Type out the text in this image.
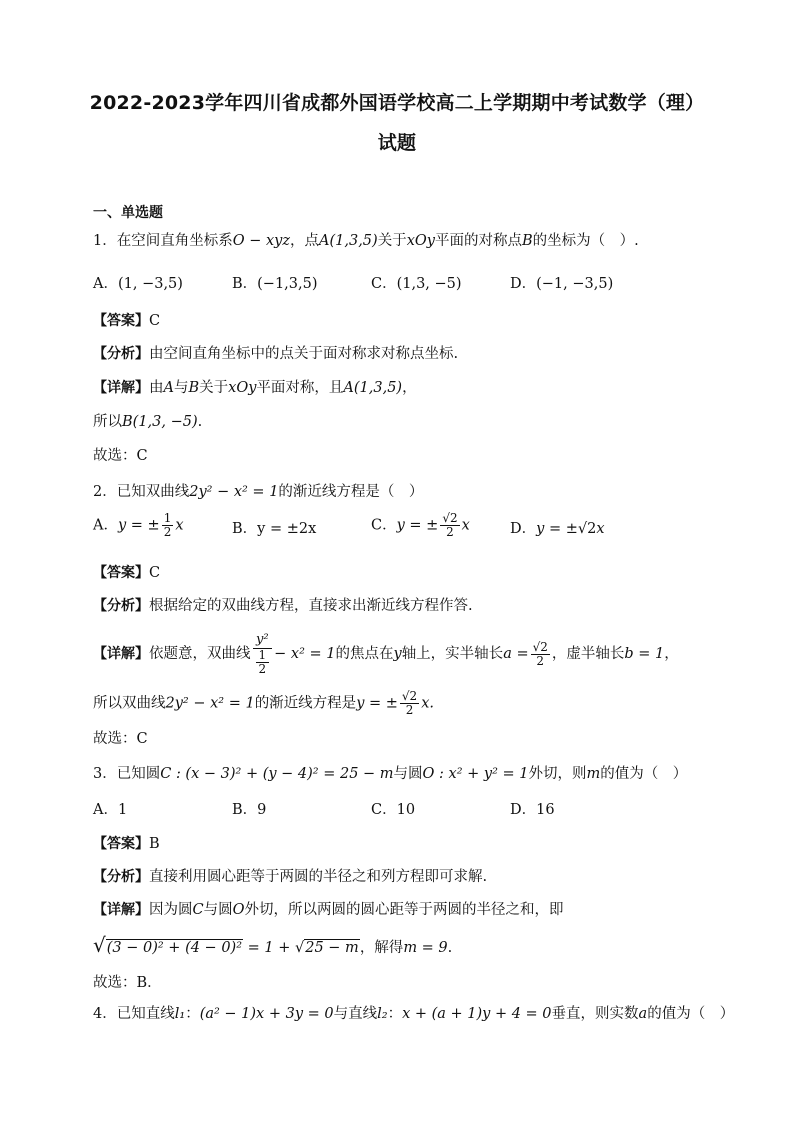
2022-2023学年四川省成都外国语学校高二上学期期中考试数学（理）
试题
一、单选题
1．在空间直角坐标系O − xyz，点A(1,3,5)关于xOy平面的对称点B的坐标为（　）.
A．(1, −3,5)	B．(−1,3,5)	C．(1,3, −5)	D．(−1, −3,5)
【答案】C
【分析】由空间直角坐标中的点关于面对称求对称点坐标.
【详解】由A与B关于xOy平面对称，且A(1,3,5)，
所以B(1,3, −5).
故选：C
2．已知双曲线2y² − x² = 1的渐近线方程是（　）
A．y = ± $\frac{1}{2}$ x	B．y = ±2x	C．y = ± $\frac{√2}{2}$ x	D．y = ±√2x
【答案】C
【分析】根据给定的双曲线方程，直接求出渐近线方程作答.
【详解】依题意，双曲线 $\frac{\text{y²}}{\frac{1}{2}} - x^2 = 1$的焦点在y轴上，实半轴长$a = \frac{√2}{2}$ ，虚半轴长b = 1，
所以双曲线2y² − x² = 1的渐近线方程是y = ± $\frac{√2}{2} x$.
故选：C
3．已知圆C : (x − 3)² + (y − 4)² = 25 − m与圆O : x² + y² = 1外切，则m的值为（　）
A．1	B．9	C．10	D．16
【答案】B
【分析】直接利用圆心距等于两圆的半径之和列方程即可求解.
【详解】因为圆C与圆O外切，所以两圆的圆心距等于两圆的半径之和，即
√(3 − 0)² + (4 − 0)² = 1 + √25 − m，解得m = 9.
故选：B．
4．已知直线l₁：(a² − 1)x + 3y = 0与直线l₂：x + (a + 1)y + 4 = 0垂直，则实数a的值为（　）
